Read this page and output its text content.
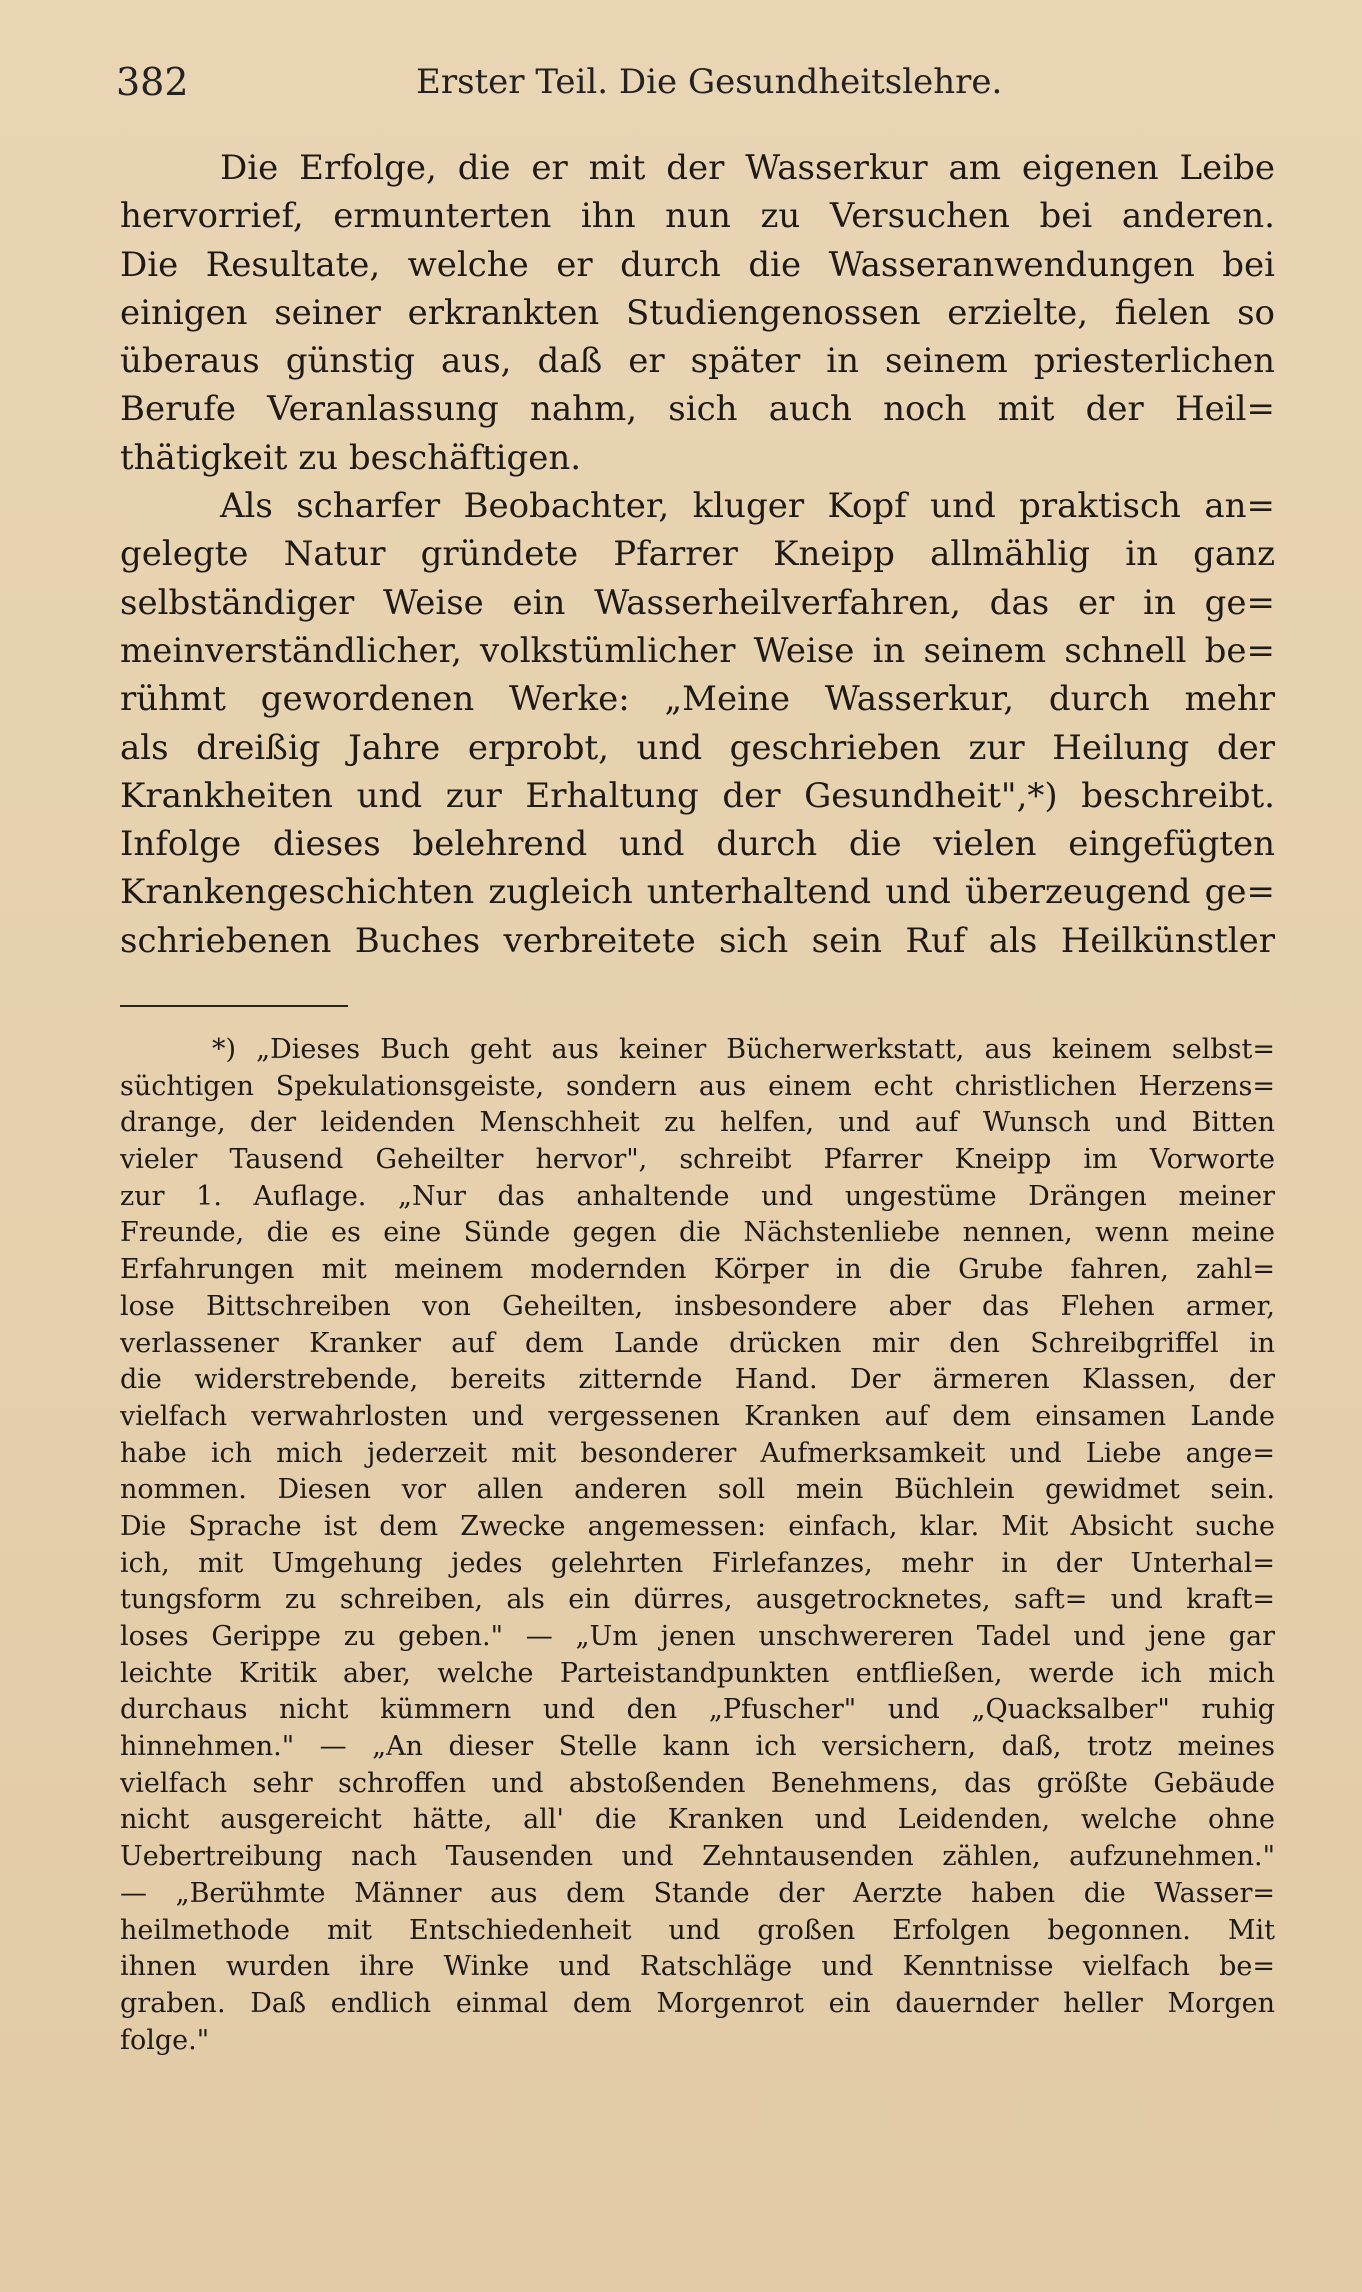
382	Erster Teil. Die Gesundheitslehre.
Die Erfolge, die er mit der Wasserkur am eigenen Leibe
hervorrief, ermunterten ihn nun zu Versuchen bei anderen.
Die Resultate, welche er durch die Wasseranwendungen bei
einigen seiner erkrankten Studiengenossen erzielte, fielen so
überaus günstig aus, daß er später in seinem priesterlichen
Berufe Veranlassung nahm, sich auch noch mit der Heil=
thätigkeit zu beschäftigen.
Als scharfer Beobachter, kluger Kopf und praktisch an=
gelegte Natur gründete Pfarrer Kneipp allmählig in ganz
selbständiger Weise ein Wasserheilverfahren, das er in ge=
meinverständlicher, volkstümlicher Weise in seinem schnell be=
rühmt gewordenen Werke: „Meine Wasserkur, durch mehr
als dreißig Jahre erprobt, und geschrieben zur Heilung der
Krankheiten und zur Erhaltung der Gesundheit",*) beschreibt.
Infolge dieses belehrend und durch die vielen eingefügten
Krankengeschichten zugleich unterhaltend und überzeugend ge=
schriebenen Buches verbreitete sich sein Ruf als Heilkünstler
*) „Dieses Buch geht aus keiner Bücherwerkstatt, aus keinem selbst=
süchtigen Spekulationsgeiste, sondern aus einem echt christlichen Herzens=
drange, der leidenden Menschheit zu helfen, und auf Wunsch und Bitten
vieler Tausend Geheilter hervor", schreibt Pfarrer Kneipp im Vorworte
zur 1. Auflage. „Nur das anhaltende und ungestüme Drängen meiner
Freunde, die es eine Sünde gegen die Nächstenliebe nennen, wenn meine
Erfahrungen mit meinem modernden Körper in die Grube fahren, zahl=
lose Bittschreiben von Geheilten, insbesondere aber das Flehen armer,
verlassener Kranker auf dem Lande drücken mir den Schreibgriffel in
die widerstrebende, bereits zitternde Hand. Der ärmeren Klassen, der
vielfach verwahrlosten und vergessenen Kranken auf dem einsamen Lande
habe ich mich jederzeit mit besonderer Aufmerksamkeit und Liebe ange=
nommen. Diesen vor allen anderen soll mein Büchlein gewidmet sein.
Die Sprache ist dem Zwecke angemessen: einfach, klar. Mit Absicht suche
ich, mit Umgehung jedes gelehrten Firlefanzes, mehr in der Unterhal=
tungsform zu schreiben, als ein dürres, ausgetrocknetes, saft= und kraft=
loses Gerippe zu geben." — „Um jenen unschwereren Tadel und jene gar
leichte Kritik aber, welche Parteistandpunkten entfließen, werde ich mich
durchaus nicht kümmern und den „Pfuscher" und „Quacksalber" ruhig
hinnehmen." — „An dieser Stelle kann ich versichern, daß, trotz meines
vielfach sehr schroffen und abstoßenden Benehmens, das größte Gebäude
nicht ausgereicht hätte, all' die Kranken und Leidenden, welche ohne
Uebertreibung nach Tausenden und Zehntausenden zählen, aufzunehmen."
— „Berühmte Männer aus dem Stande der Aerzte haben die Wasser=
heilmethode mit Entschiedenheit und großen Erfolgen begonnen. Mit
ihnen wurden ihre Winke und Ratschläge und Kenntnisse vielfach be=
graben. Daß endlich einmal dem Morgenrot ein dauernder heller Morgen
folge."
